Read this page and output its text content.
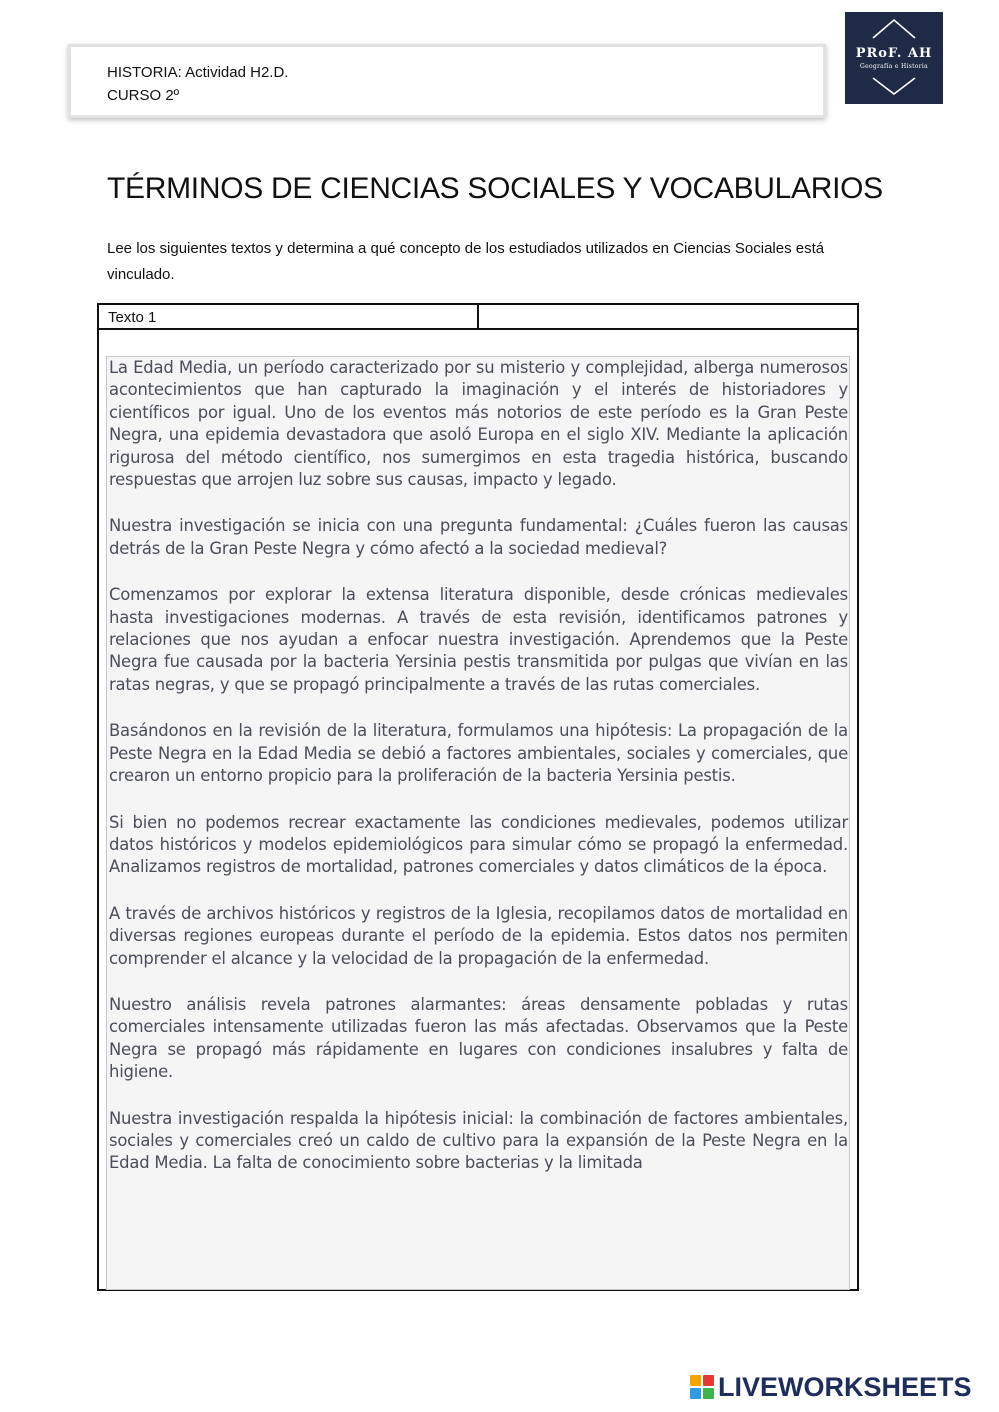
HISTORIA: Actividad H2.D.
CURSO 2º
PRoF. AH
Geografía e Historia
TÉRMINOS DE CIENCIAS SOCIALES Y VOCABULARIOS
Lee los siguientes textos y determina a qué concepto de los estudiados utilizados en Ciencias Sociales está vinculado.
Texto 1

La Edad Media, un período caracterizado por su misterio y complejidad, alberga numerosos acontecimientos que han capturado la imaginación y el interés de historiadores y científicos por igual. Uno de los eventos más notorios de este período es la Gran Peste Negra, una epidemia devastadora que asoló Europa en el siglo XIV. Mediante la aplicación rigurosa del método científico, nos sumergimos en esta tragedia histórica, buscando respuestas que arrojen luz sobre sus causas, impacto y legado.

Nuestra investigación se inicia con una pregunta fundamental: ¿Cuáles fueron las causas detrás de la Gran Peste Negra y cómo afectó a la sociedad medieval?

Comenzamos por explorar la extensa literatura disponible, desde crónicas medievales hasta investigaciones modernas. A través de esta revisión, identificamos patrones y relaciones que nos ayudan a enfocar nuestra investigación. Aprendemos que la Peste Negra fue causada por la bacteria Yersinia pestis transmitida por pulgas que vivían en las ratas negras, y que se propagó principalmente a través de las rutas comerciales.

Basándonos en la revisión de la literatura, formulamos una hipótesis: La propagación de la Peste Negra en la Edad Media se debió a factores ambientales, sociales y comerciales, que crearon un entorno propicio para la proliferación de la bacteria Yersinia pestis.

Si bien no podemos recrear exactamente las condiciones medievales, podemos utilizar datos históricos y modelos epidemiológicos para simular cómo se propagó la enfermedad. Analizamos registros de mortalidad, patrones comerciales y datos climáticos de la época.

A través de archivos históricos y registros de la Iglesia, recopilamos datos de mortalidad en diversas regiones europeas durante el período de la epidemia. Estos datos nos permiten comprender el alcance y la velocidad de la propagación de la enfermedad.

Nuestro análisis revela patrones alarmantes: áreas densamente pobladas y rutas comerciales intensamente utilizadas fueron las más afectadas. Observamos que la Peste Negra se propagó más rápidamente en lugares con condiciones insalubres y falta de higiene.

Nuestra investigación respalda la hipótesis inicial: la combinación de factores ambientales, sociales y comerciales creó un caldo de cultivo para la expansión de la Peste Negra en la Edad Media. La falta de conocimiento sobre bacterias y la limitada

LIVEWORKSHEETS
